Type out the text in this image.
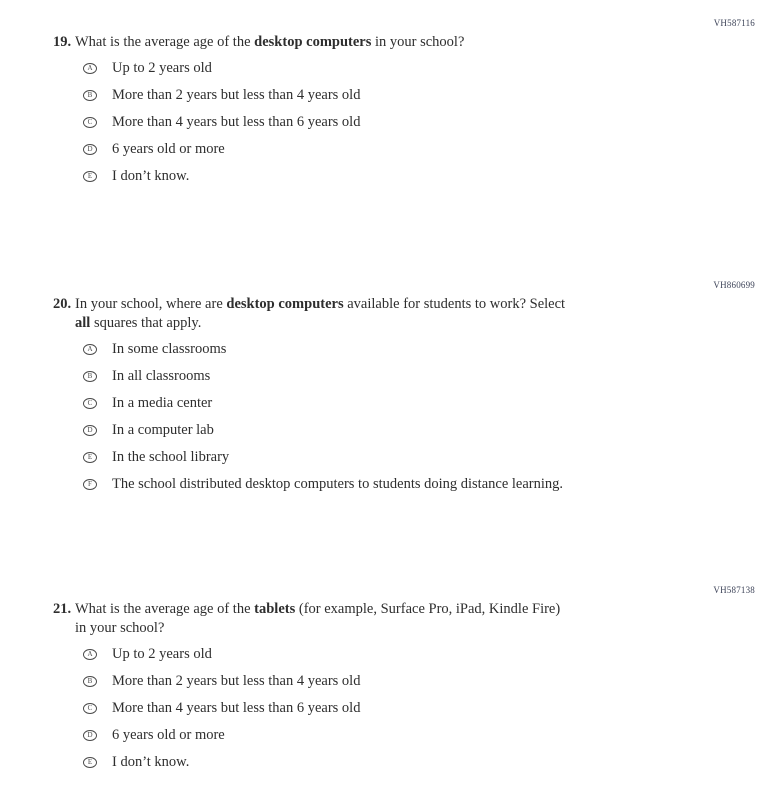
VH587116
19. What is the average age of the desktop computers in your school?
A Up to 2 years old
B More than 2 years but less than 4 years old
C More than 4 years but less than 6 years old
D 6 years old or more
E I don’t know.
VH860699
20. In your school, where are desktop computers available for students to work? Select
all squares that apply.
A In some classrooms
B In all classrooms
C In a media center
D In a computer lab
E In the school library
F The school distributed desktop computers to students doing distance learning.
VH587138
21. What is the average age of the tablets (for example, Surface Pro, iPad, Kindle Fire)
in your school?
A Up to 2 years old
B More than 2 years but less than 4 years old
C More than 4 years but less than 6 years old
D 6 years old or more
E I don’t know.
